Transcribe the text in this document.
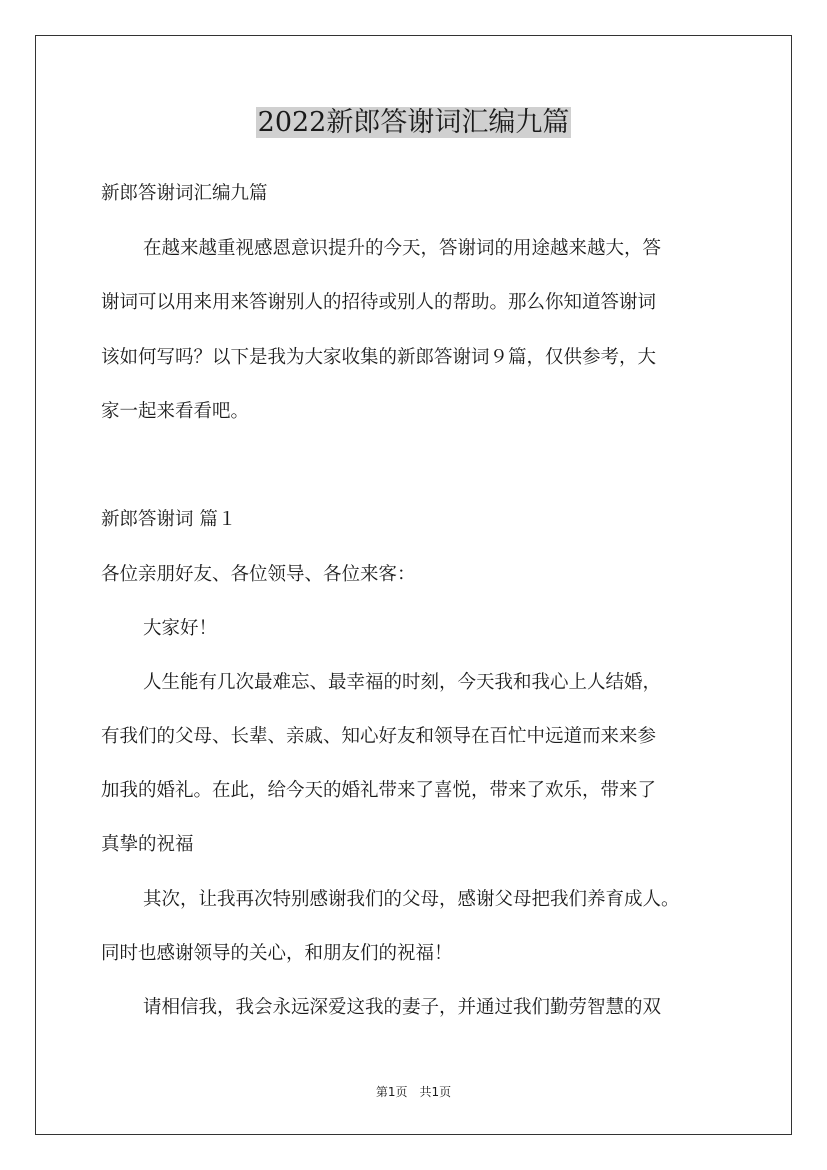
2022新郎答谢词汇编九篇
新郎答谢词汇编九篇
在越来越重视感恩意识提升的今天，答谢词的用途越来越大，答
谢词可以用来用来答谢别人的招待或别人的帮助。那么你知道答谢词
该如何写吗？以下是我为大家收集的新郎答谢词９篇，仅供参考，大
家一起来看看吧。
新郎答谢词 篇１
各位亲朋好友、各位领导、各位来客：
大家好！
人生能有几次最难忘、最幸福的时刻，今天我和我心上人结婚，
有我们的父母、长辈、亲戚、知心好友和领导在百忙中远道而来来参
加我的婚礼。在此，给今天的婚礼带来了喜悦，带来了欢乐，带来了
真挚的祝福
其次，让我再次特别感谢我们的父母，感谢父母把我们养育成人。
同时也感谢领导的关心，和朋友们的祝福！
请相信我，我会永远深爱这我的妻子，并通过我们勤劳智慧的双
第1页　共1页
